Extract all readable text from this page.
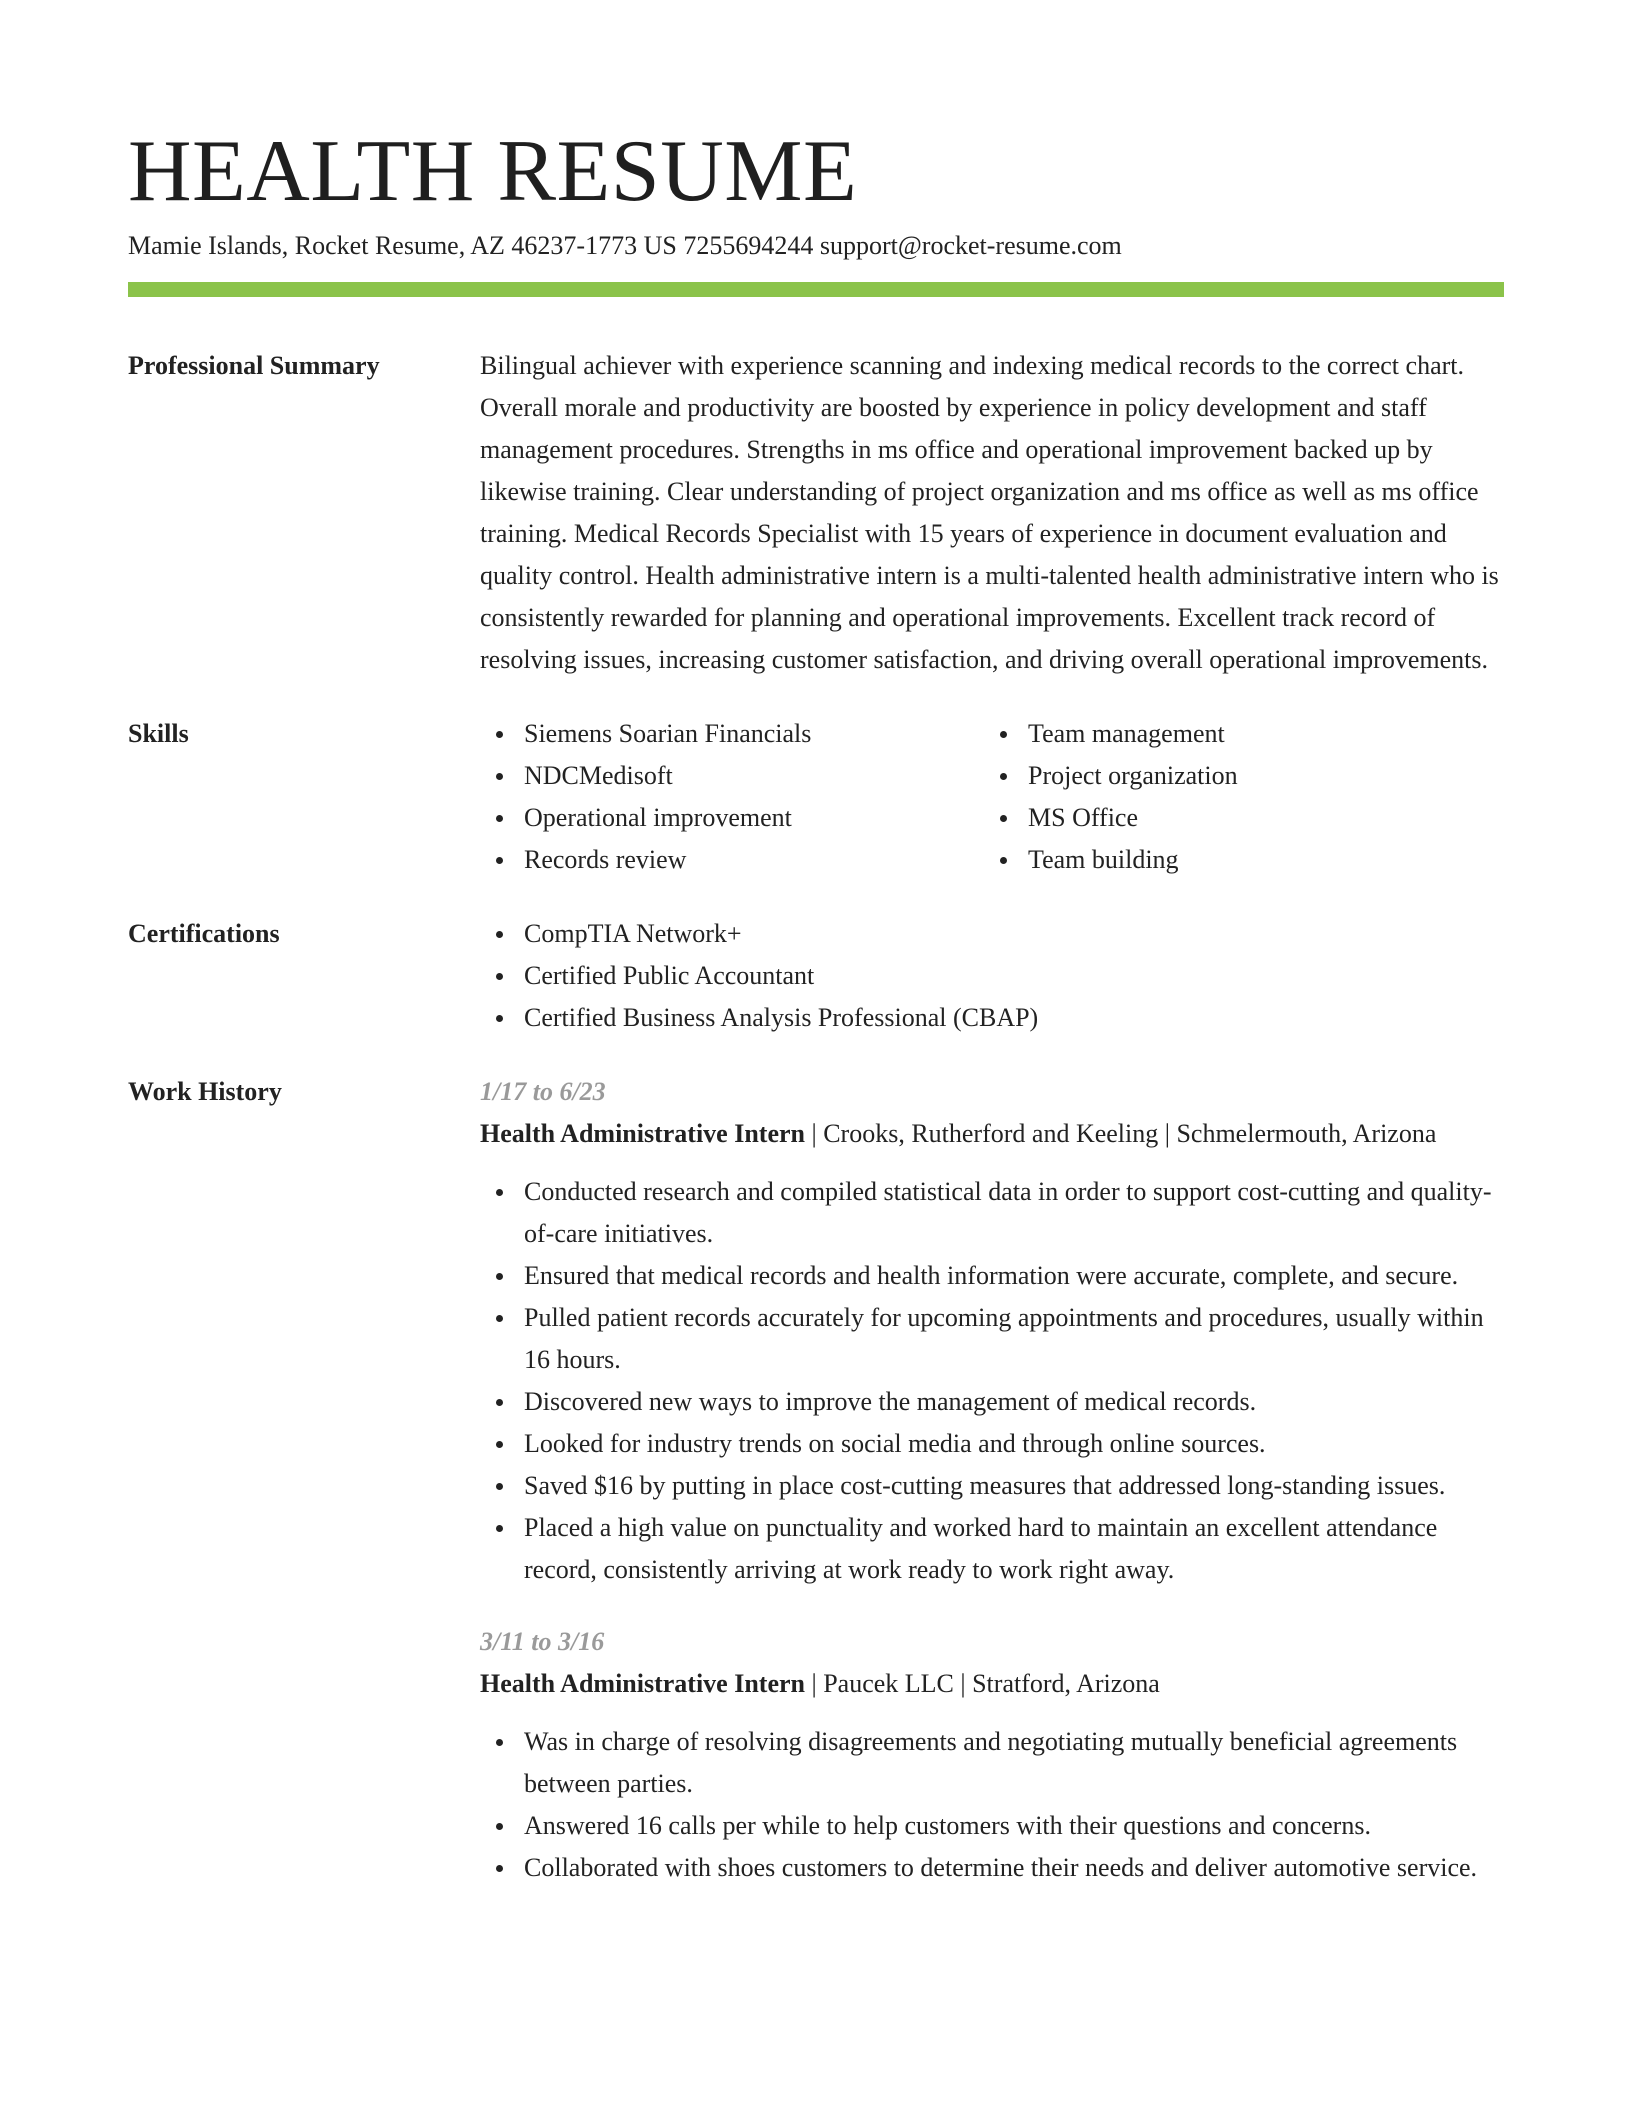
HEALTH RESUME
Mamie Islands, Rocket Resume, AZ 46237-1773 US 7255694244 support@rocket-resume.com
Professional Summary	Bilingual achiever with experience scanning and indexing medical records to the correct chart. Overall morale and productivity are boosted by experience in policy development and staff management procedures. Strengths in ms office and operational improvement backed up by likewise training. Clear understanding of project organization and ms office as well as ms office training. Medical Records Specialist with 15 years of experience in document evaluation and quality control. Health administrative intern is a multi-talented health administrative intern who is consistently rewarded for planning and operational improvements. Excellent track record of resolving issues, increasing customer satisfaction, and driving overall operational improvements.
Skills	Siemens Soarian Financials
NDCMedisoft
Operational improvement
Records review
Team management
Project organization
MS Office
Team building
Certifications	CompTIA Network+
Certified Public Accountant
Certified Business Analysis Professional (CBAP)
Work History	1/17 to 6/23
Health Administrative Intern | Crooks, Rutherford and Keeling | Schmelermouth, Arizona
Conducted research and compiled statistical data in order to support cost-cutting and quality-of-care initiatives.
Ensured that medical records and health information were accurate, complete, and secure.
Pulled patient records accurately for upcoming appointments and procedures, usually within 16 hours.
Discovered new ways to improve the management of medical records.
Looked for industry trends on social media and through online sources.
Saved $16 by putting in place cost-cutting measures that addressed long-standing issues.
Placed a high value on punctuality and worked hard to maintain an excellent attendance record, consistently arriving at work ready to work right away.
3/11 to 3/16
Health Administrative Intern | Paucek LLC | Stratford, Arizona
Was in charge of resolving disagreements and negotiating mutually beneficial agreements between parties.
Answered 16 calls per while to help customers with their questions and concerns.
Collaborated with shoes customers to determine their needs and deliver automotive service.
